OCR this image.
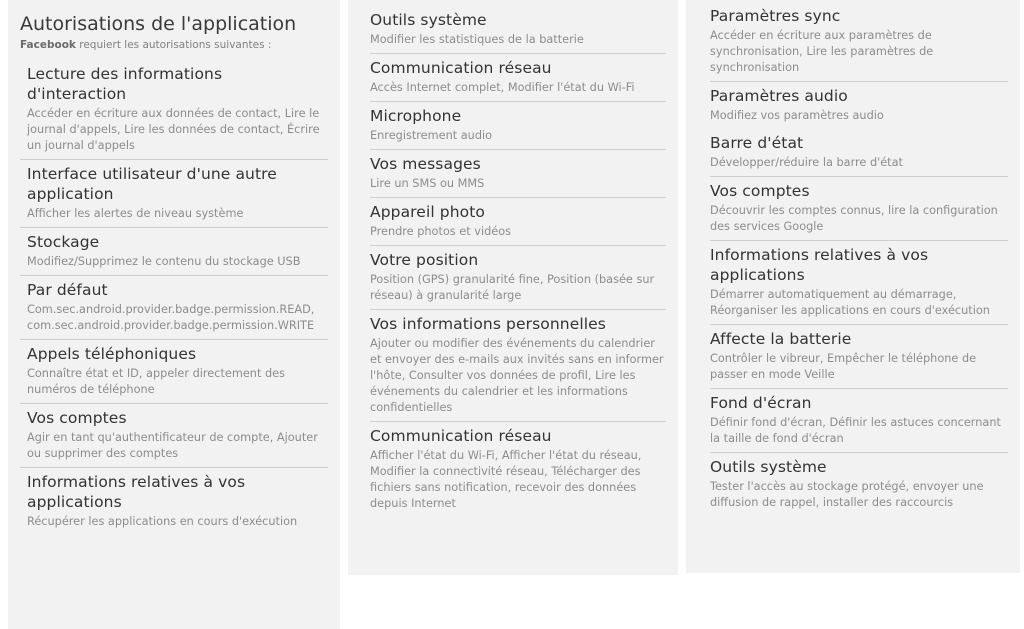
Autorisations de l'application
Facebook requiert les autorisations suivantes :
Lecture des informations d'interaction
Accéder en écriture aux données de contact, Lire le journal d'appels, Lire les données de contact, Écrire un journal d'appels
Interface utilisateur d'une autre application
Afficher les alertes de niveau système
Stockage
Modifiez/Supprimez le contenu du stockage USB
Par défaut
Com.sec.android.provider.badge.permission.READ, com.sec.android.provider.badge.permission.WRITE
Appels téléphoniques
Connaître état et ID, appeler directement des numéros de téléphone
Vos comptes
Agir en tant qu'authentificateur de compte, Ajouter ou supprimer des comptes
Informations relatives à vos applications
Récupérer les applications en cours d'exécution
Outils système
Modifier les statistiques de la batterie
Communication réseau
Accès Internet complet, Modifier l'état du Wi-Fi
Microphone
Enregistrement audio
Vos messages
Lire un SMS ou MMS
Appareil photo
Prendre photos et vidéos
Votre position
Position (GPS) granularité fine, Position (basée sur réseau) à granularité large
Vos informations personnelles
Ajouter ou modifier des événements du calendrier et envoyer des e-mails aux invités sans en informer l'hôte, Consulter vos données de profil, Lire les événements du calendrier et les informations confidentielles
Communication réseau
Afficher l'état du Wi-Fi, Afficher l'état du réseau, Modifier la connectivité réseau, Télécharger des fichiers sans notification, recevoir des données depuis Internet
Paramètres sync
Accéder en écriture aux paramètres de synchronisation, Lire les paramètres de synchronisation
Paramètres audio
Modifiez vos paramètres audio
Barre d'état
Développer/réduire la barre d'état
Vos comptes
Découvrir les comptes connus, lire la configuration des services Google
Informations relatives à vos applications
Démarrer automatiquement au démarrage, Réorganiser les applications en cours d'exécution
Affecte la batterie
Contrôler le vibreur, Empêcher le téléphone de passer en mode Veille
Fond d'écran
Définir fond d'écran, Définir les astuces concernant la taille de fond d'écran
Outils système
Tester l'accès au stockage protégé, envoyer une diffusion de rappel, installer des raccourcis
